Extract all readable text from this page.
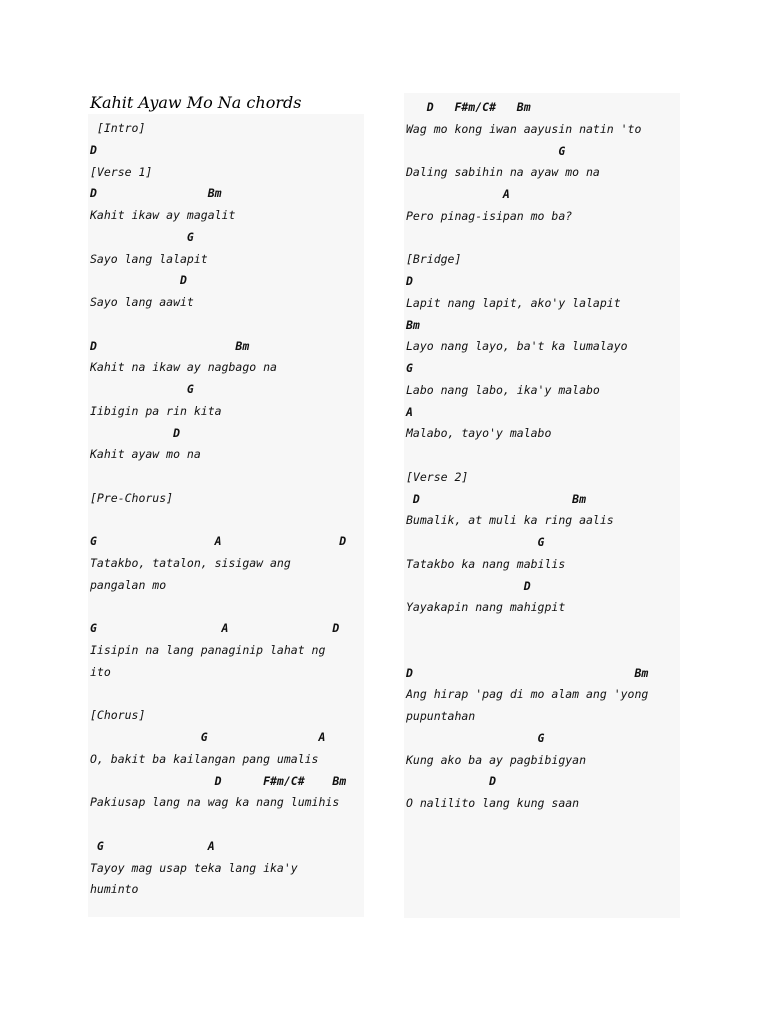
Kahit Ayaw Mo Na chords
[Intro]
D
[Verse 1]
D                Bm
Kahit ikaw ay magalit
G
Sayo lang lalapit
D
Sayo lang aawit
D                    Bm
Kahit na ikaw ay nagbago na
G
Iibigin pa rin kita
D
Kahit ayaw mo na
[Pre-Chorus]
G                 A                 D
Tatakbo, tatalon, sisigaw ang
pangalan mo
G                  A               D
Iisipin na lang panaginip lahat ng
ito
[Chorus]
G                A
O, bakit ba kailangan pang umalis
D      F#m/C#    Bm
Pakiusap lang na wag ka nang lumihis
G               A
Tayoy mag usap teka lang ika'y
huminto
D   F#m/C#   Bm
Wag mo kong iwan aayusin natin 'to
G
Daling sabihin na ayaw mo na
A
Pero pinag-isipan mo ba?
[Bridge]
D
Lapit nang lapit, ako'y lalapit
Bm
Layo nang layo, ba't ka lumalayo
G
Labo nang labo, ika'y malabo
A
Malabo, tayo'y malabo
[Verse 2]
D                      Bm
Bumalik, at muli ka ring aalis
G
Tatakbo ka nang mabilis
D
Yayakapin nang mahigpit
D                                Bm
Ang hirap 'pag di mo alam ang 'yong
pupuntahan
G
Kung ako ba ay pagbibigyan
D
O nalilito lang kung saan
